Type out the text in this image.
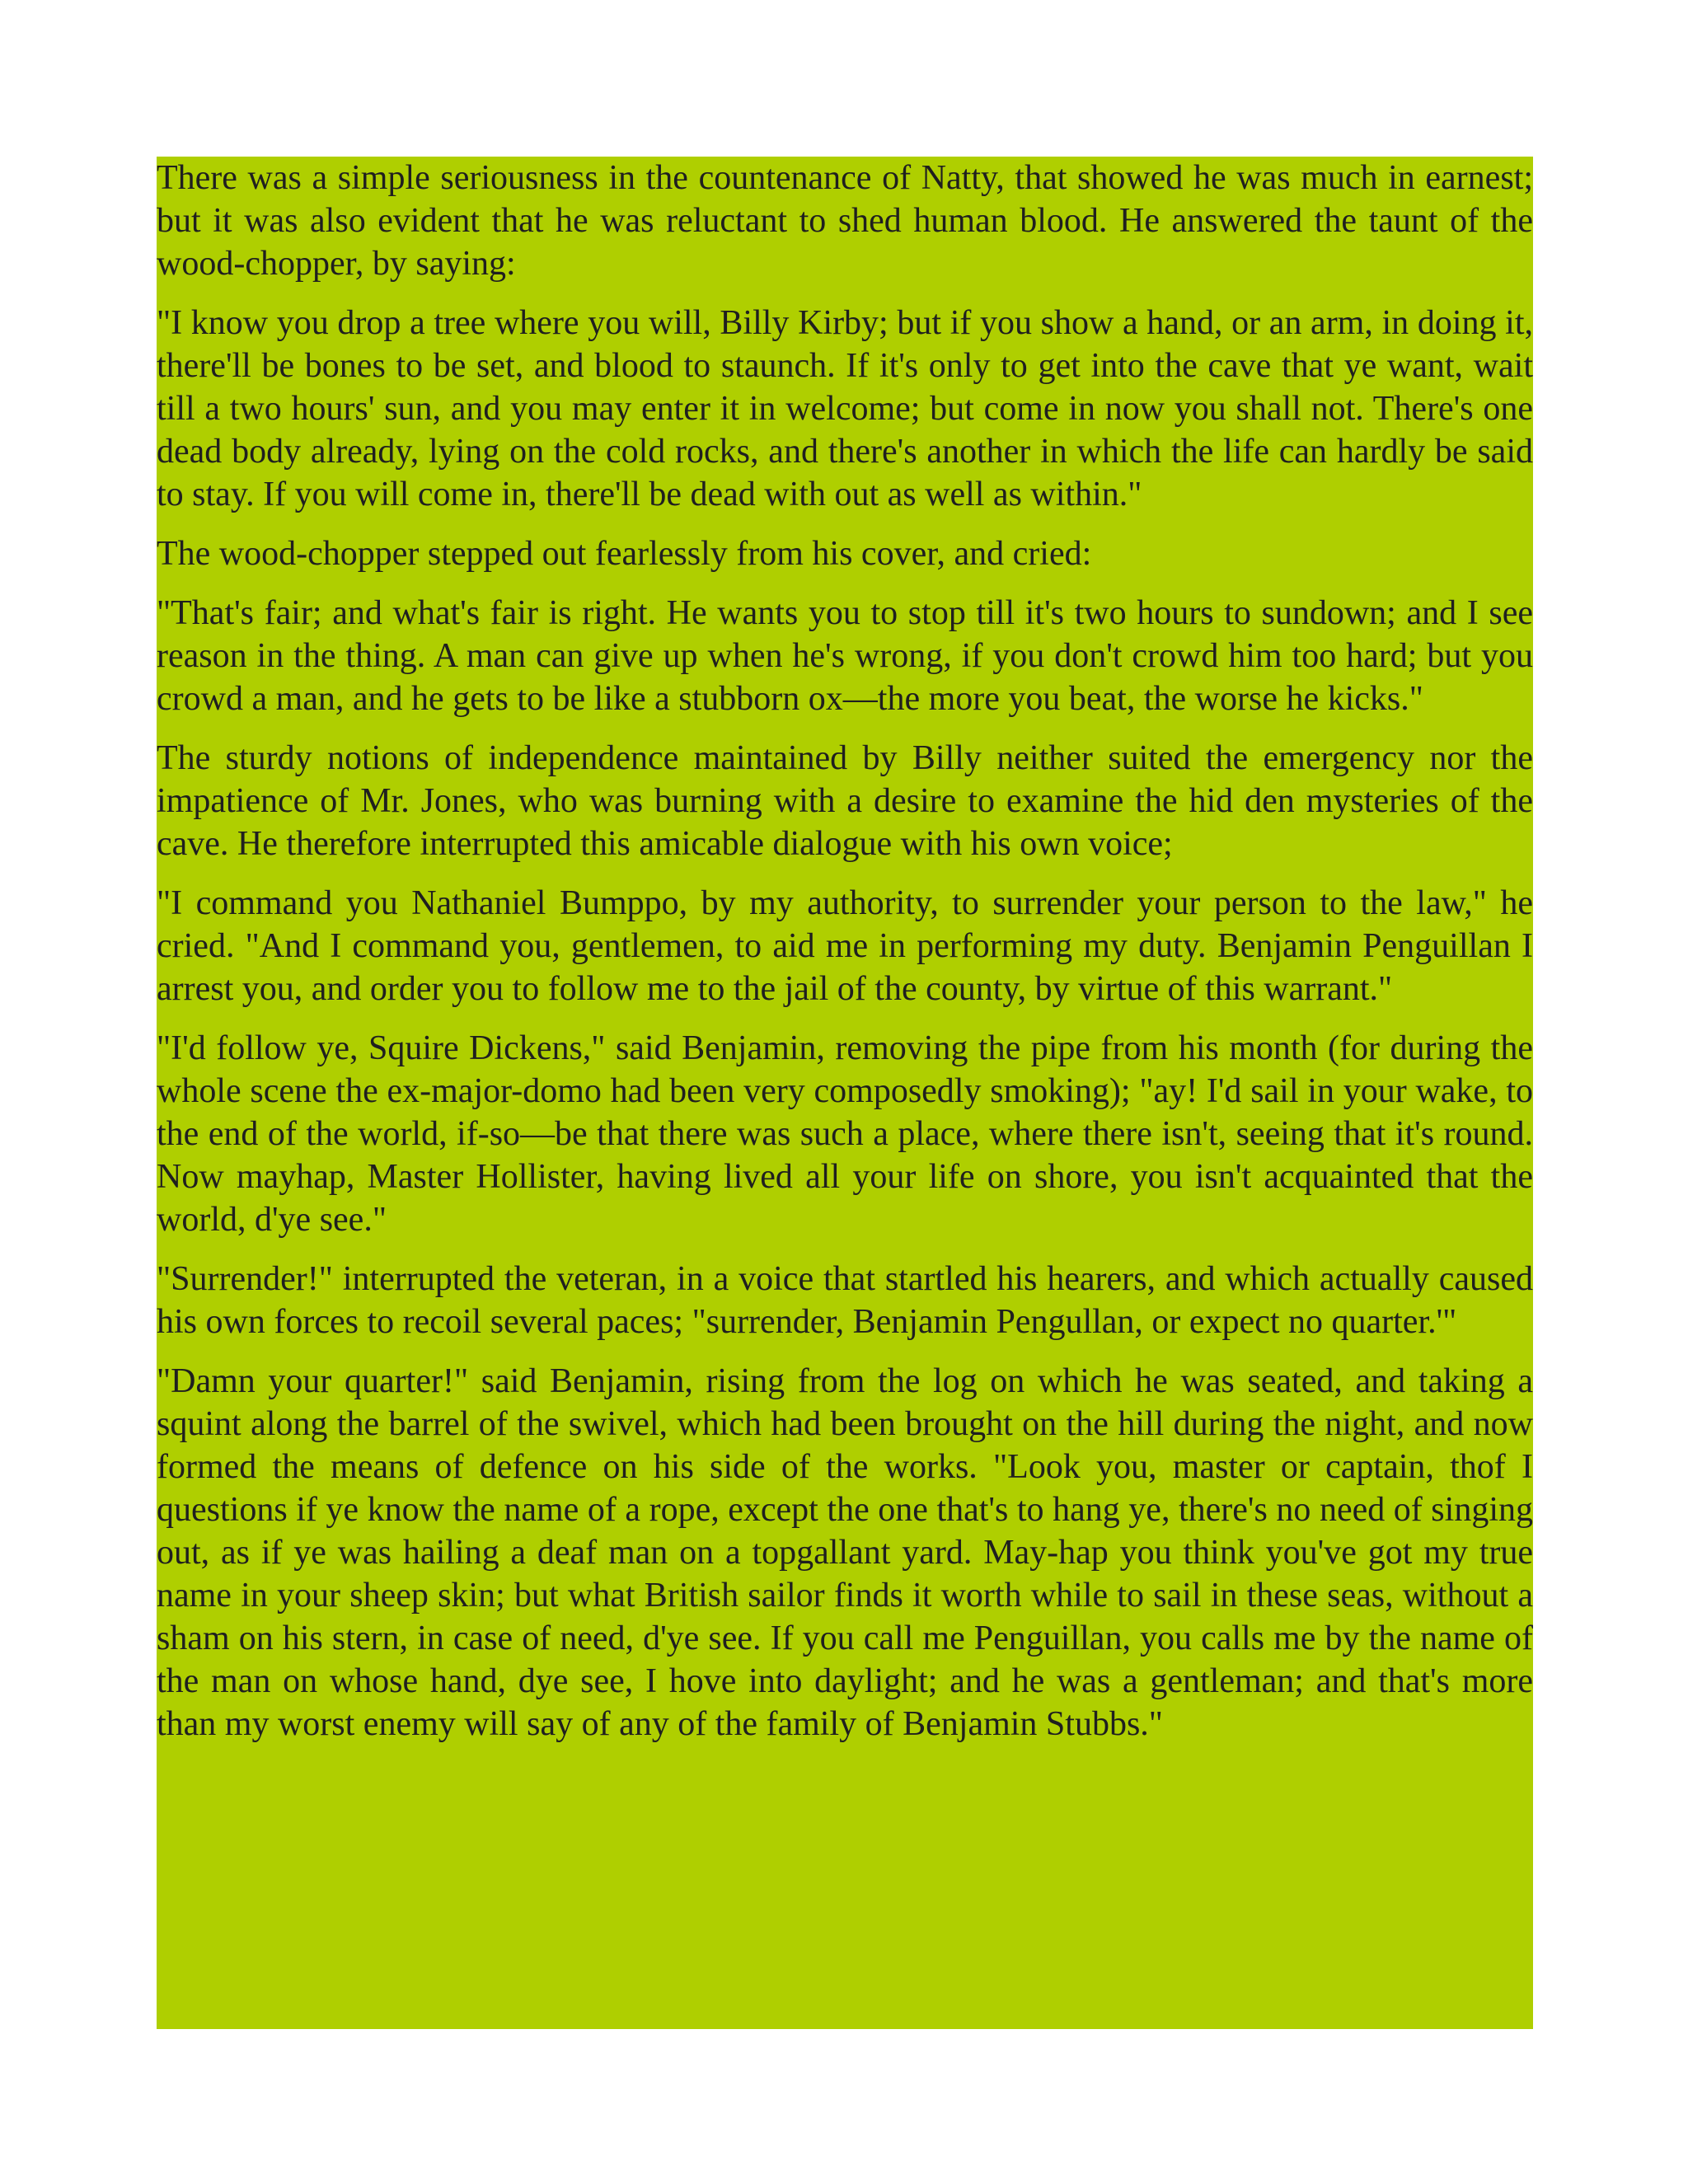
There was a simple seriousness in the countenance of Natty, that showed he was much in earnest; but it was also evident that he was reluctant to shed human blood. He answered the taunt of the wood-chopper, by saying:

"I know you drop a tree where you will, Billy Kirby; but if you show a hand, or an arm, in doing it, there'll be bones to be set, and blood to staunch. If it's only to get into the cave that ye want, wait till a two hours' sun, and you may enter it in welcome; but come in now you shall not. There's one dead body already, lying on the cold rocks, and there's another in which the life can hardly be said to stay. If you will come in, there'll be dead with out as well as within."

The wood-chopper stepped out fearlessly from his cover, and cried:

"That's fair; and what's fair is right. He wants you to stop till it's two hours to sundown; and I see reason in the thing. A man can give up when he's wrong, if you don't crowd him too hard; but you crowd a man, and he gets to be like a stubborn ox—the more you beat, the worse he kicks."

The sturdy notions of independence maintained by Billy neither suited the emergency nor the impatience of Mr. Jones, who was burning with a desire to examine the hid den mysteries of the cave. He therefore interrupted this amicable dialogue with his own voice;

"I command you Nathaniel Bumppo, by my authority, to surrender your person to the law," he cried. "And I command you, gentlemen, to aid me in performing my duty. Benjamin Penguillan I arrest you, and order you to follow me to the jail of the county, by virtue of this warrant."

"I'd follow ye, Squire Dickens," said Benjamin, removing the pipe from his month (for during the whole scene the ex-major-domo had been very composedly smoking); "ay! I'd sail in your wake, to the end of the world, if-so—be that there was such a place, where there isn't, seeing that it's round. Now mayhap, Master Hollister, having lived all your life on shore, you isn't acquainted that the world, d'ye see."

"Surrender!" interrupted the veteran, in a voice that startled his hearers, and which actually caused his own forces to recoil several paces; "surrender, Benjamin Pengullan, or expect no quarter.'"

"Damn your quarter!" said Benjamin, rising from the log on which he was seated, and taking a squint along the barrel of the swivel, which had been brought on the hill during the night, and now formed the means of defence on his side of the works. "Look you, master or captain, thof I questions if ye know the name of a rope, except the one that's to hang ye, there's no need of singing out, as if ye was hailing a deaf man on a topgallant yard. May-hap you think you've got my true name in your sheep skin; but what British sailor finds it worth while to sail in these seas, without a sham on his stern, in case of need, d'ye see. If you call me Penguillan, you calls me by the name of the man on whose hand, dye see, I hove into daylight; and he was a gentleman; and that's more than my worst enemy will say of any of the family of Benjamin Stubbs."
